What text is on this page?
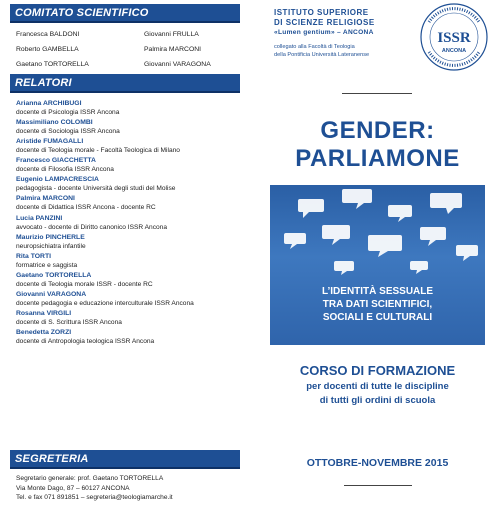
COMITATO SCIENTIFICO
Francesca BALDONI	Giovanni FRULLA
Roberto GAMBELLA	Palmira MARCONI
Gaetano TORTORELLA	Giovanni VARAGONA
RELATORI
Arianna ARCHIBUGI
docente di Psicologia ISSR Ancona
Massimiliano COLOMBI
docente di Sociologia ISSR Ancona
Aristide FUMAGALLI
docente di Teologia morale - Facoltà Teologica di Milano
Francesco GIACCHETTA
docente di Filosofia ISSR Ancona
Eugenio LAMPACRESCIA
pedagogista - docente Università degli studi del Molise
Palmira MARCONI
docente di Didattica ISSR Ancona - docente RC
Lucia PANZINI
avvocato - docente di Diritto canonico ISSR Ancona
Maurizio PINCHERLE
neuropsichiatra infantile
Rita TORTI
formatrice e saggista
Gaetano TORTORELLA
docente di Teologia morale ISSR - docente RC
Giovanni VARAGONA
docente pedagogia e educazione interculturale ISSR Ancona
Rosanna VIRGILI
docente di S. Scrittura ISSR Ancona
Benedetta ZORZI
docente di Antropologia teologica ISSR Ancona
SEGRETERIA
Segretario generale: prof. Gaetano TORTORELLA
Via Monte Dago, 87 – 60127 ANCONA
Tel. e fax 071 891851 – segreteria@teologiamarche.it
ISTITUTO SUPERIORE
DI SCIENZE RELIGIOSE
«Lumen gentium» – ANCONA
collegato alla Facoltà di Teologia
della Pontificia Università Lateranense
ISSR
ANCONA
GENDER:
PARLIAMONE
L’IDENTITÀ SESSUALE
TRA DATI SCIENTIFICI,
SOCIALI E CULTURALI
CORSO DI FORMAZIONE
per docenti di tutte le discipline
di tutti gli ordini di scuola
OTTOBRE-NOVEMBRE 2015
